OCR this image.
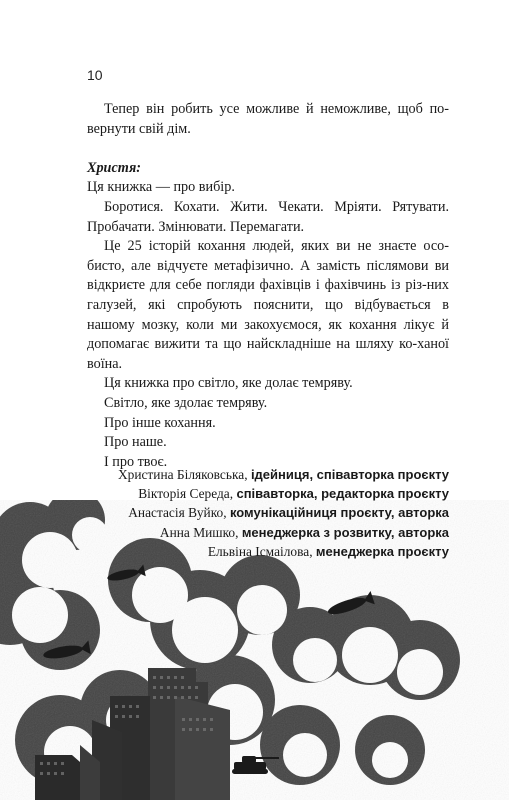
10

Тепер він робить усе можливе й неможливе, щоб по-вернути свій дім.

Христя:

Ця книжка — про вибір.

Боротися. Кохати. Жити. Чекати. Мріяти. Рятувати. Пробачати. Змінювати. Перемагати.

Це 25 історій кохання людей, яких ви не знаєте осо-бисто, але відчуєте метафізично. А замість післямови ви відкриєте для себе погляди фахівців і фахівчинь із різ-них галузей, які спробують пояснити, що відбувається в нашому мозку, коли ми закохуємося, як кохання лікує й допомагає вижити та що найскладніше на шляху ко-ханої воїна.

Ця книжка про світло, яке долає темряву.

Світло, яке здолає темряву.

Про інше кохання.

Про наше.

І про твоє.

Христина Біляковська, ідейниця, співавторка проєкту
Вікторія Середа, співавторка, редакторка проєкту
Анастасія Вуйко, комунікаційниця проєкту, авторка
Анна Мишко, менеджерка з розвитку, авторка
Ельвіна Ісмаілова, менеджерка проєкту
